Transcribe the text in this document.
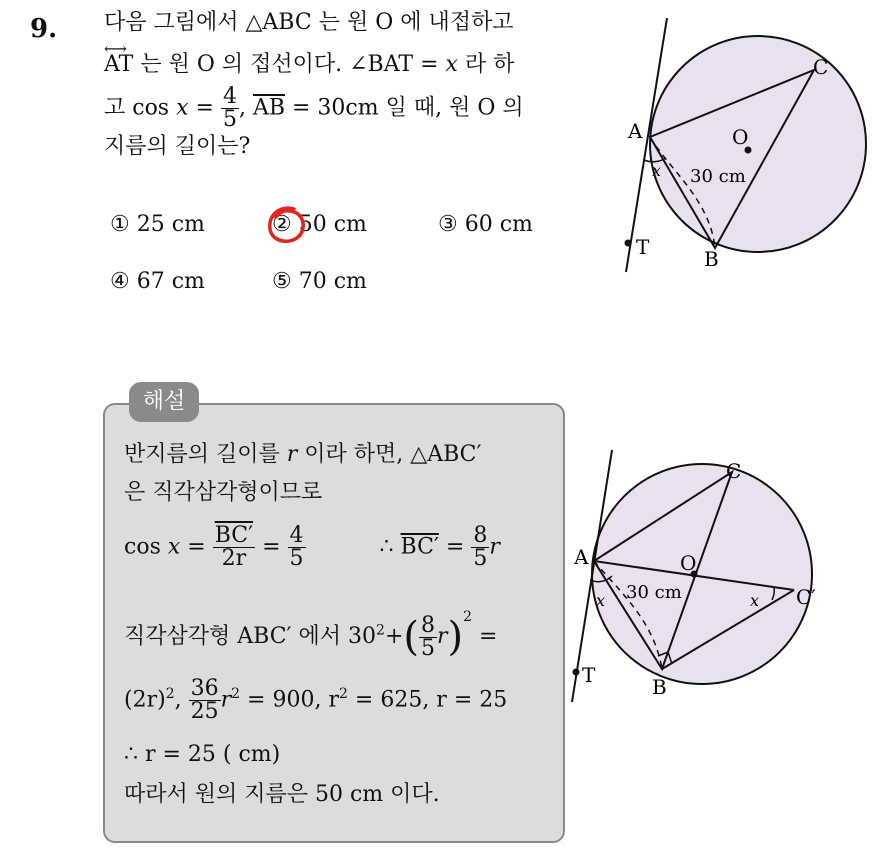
9. 다음 그림에서 △ABC 는 원 O 에 내접하고
⟷ AT 는 원 O 의 접선이다. ∠BAT = x 라 하
고 $\cos x = \frac{4}{5}$ , $\overline{AB} = 30cm$ 일 때, 원 O 의
지름의 길이는?
① 25 cm	② 50 cm	③ 60 cm
④ 67 cm	⑤ 70 cm
A
C
B
O
T
x 30 cm
해설
반지름의 길이를 r 이라 하면, △ABC′
은 직각삼각형이므로
$\cos x = \frac{BC'}{2r} = \frac{4}{5}$	∴ $BC' = \frac{8}{5}$ r
직각삼각형 ABC′ 에서 $30^2+( \frac{8}{5} r)^2$ =
$(2r)^2$, $\frac{36}{25} r^2 = 900$, $r^2 = 625$, r = 25
∴ r = 25 ( cm)
따라서 원의 지름은 50 cm 이다.
A
C
C′
B
O
T
x	x
30 cm
